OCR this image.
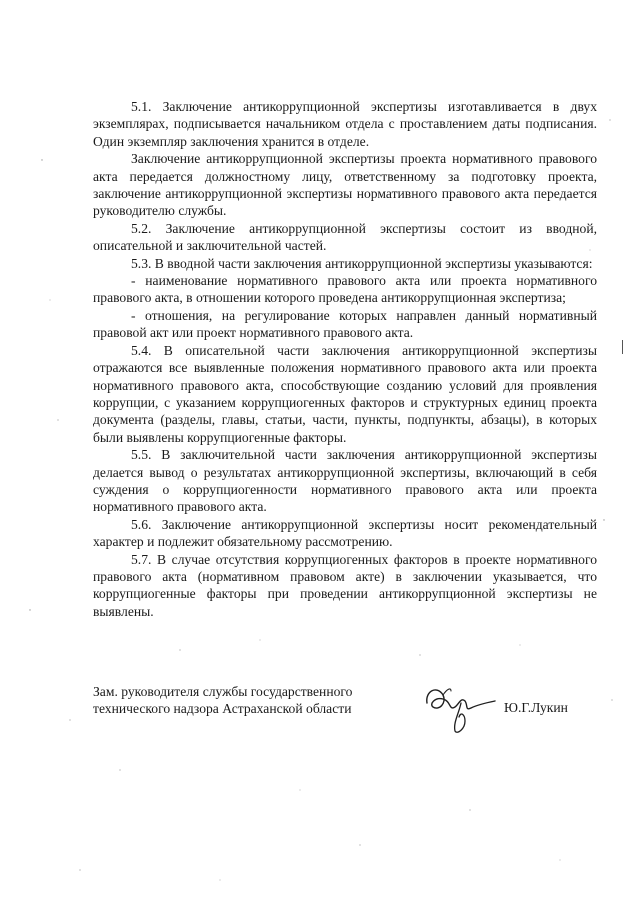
5.1. Заключение антикоррупционной экспертизы изготавливается в двух экземплярах, подписывается начальником отдела с проставлением даты подписания. Один экземпляр заключения хранится в отделе.

Заключение антикоррупционной экспертизы проекта нормативного правового акта передается должностному лицу, ответственному за подготовку проекта, заключение антикоррупционной экспертизы нормативного правового акта передается руководителю службы.

5.2. Заключение антикоррупционной экспертизы состоит из вводной, описательной и заключительной частей.

5.3. В вводной части заключения антикоррупционной экспертизы указываются:

- наименование нормативного правового акта или проекта нормативного правового акта, в отношении которого проведена антикоррупционная экспертиза;

- отношения, на регулирование которых направлен данный нормативный правовой акт или проект нормативного правового акта.

5.4. В описательной части заключения антикоррупционной экспертизы отражаются все выявленные положения нормативного правового акта или проекта нормативного правового акта, способствующие созданию условий для проявления коррупции, с указанием коррупциогенных факторов и структурных единиц проекта документа (разделы, главы, статьи, части, пункты, подпункты, абзацы), в которых были выявлены коррупциогенные факторы.

5.5. В заключительной части заключения антикоррупционной экспертизы делается вывод о результатах антикоррупционной экспертизы, включающий в себя суждения о коррупциогенности нормативного правового акта или проекта нормативного правового акта.

5.6. Заключение антикоррупционной экспертизы носит рекомендательный характер и подлежит обязательному рассмотрению.

5.7. В случае отсутствия коррупциогенных факторов в проекте нормативного правового акта (нормативном правовом акте) в заключении указывается, что коррупциогенные факторы при проведении антикоррупционной экспертизы не выявлены.

Зам. руководителя службы государственного
технического надзора Астраханской области	Ю.Г.Лукин
